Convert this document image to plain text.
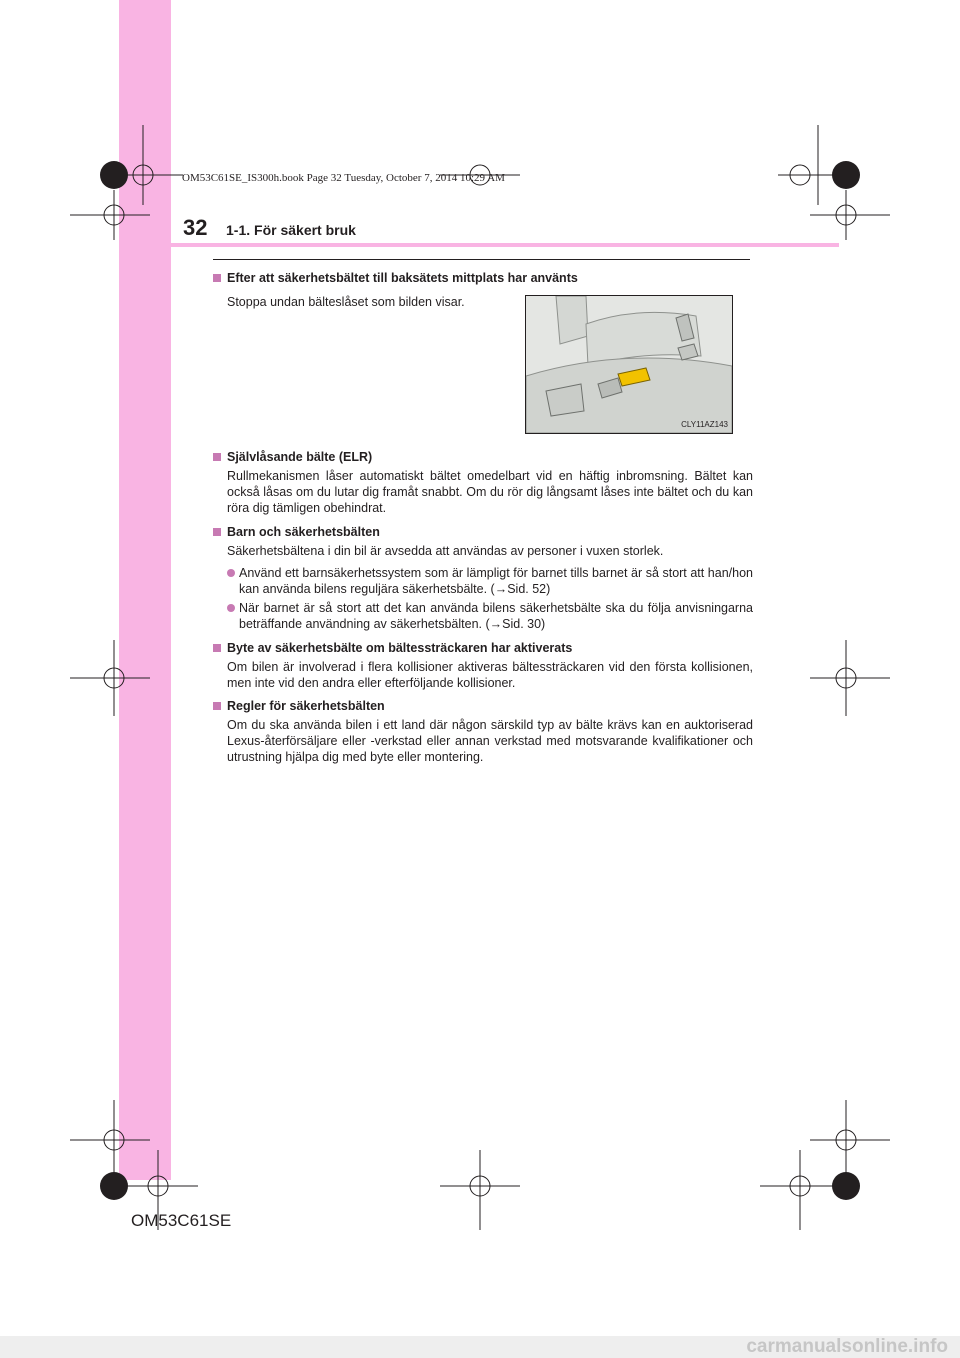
OM53C61SE_IS300h.book Page 32 Tuesday, October 7, 2014 10:29 AM
32 1-1. För säkert bruk
Efter att säkerhetsbältet till baksätets mittplats har använts
Stoppa undan bälteslåset som bilden visar.
CLY11AZ143
Självlåsande bälte (ELR)
Rullmekanismen låser automatiskt bältet omedelbart vid en häftig inbromsning. Bältet kan också låsas om du lutar dig framåt snabbt. Om du rör dig långsamt låses inte bältet och du kan röra dig tämligen obehindrat.
Barn och säkerhetsbälten
Säkerhetsbältena i din bil är avsedda att användas av personer i vuxen storlek.
Använd ett barnsäkerhetssystem som är lämpligt för barnet tills barnet är så stort att han/hon kan använda bilens reguljära säkerhetsbälte. (→Sid. 52)
När barnet är så stort att det kan använda bilens säkerhetsbälte ska du följa anvisningarna beträffande användning av säkerhetsbälten. (→Sid. 30)
Byte av säkerhetsbälte om bältessträckaren har aktiverats
Om bilen är involverad i flera kollisioner aktiveras bältessträckaren vid den första kollisionen, men inte vid den andra eller efterföljande kollisioner.
Regler för säkerhetsbälten
Om du ska använda bilen i ett land där någon särskild typ av bälte krävs kan en auktoriserad Lexus-återförsäljare eller -verkstad eller annan verkstad med motsvarande kvalifikationer och utrustning hjälpa dig med byte eller montering.
OM53C61SE
carmanualsonline.info
